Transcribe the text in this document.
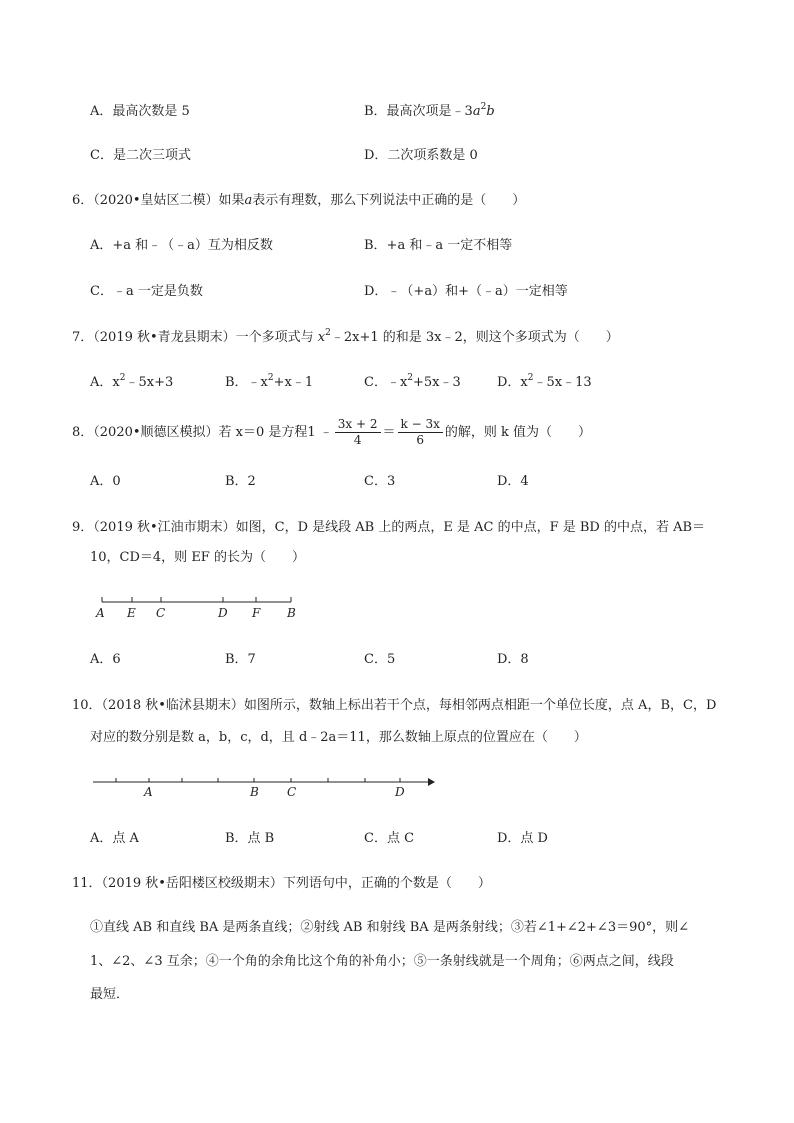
A．最高次数是 5	B．最高次项是$﹣3a^2b$
C．是二次三项式	D．二次项系数是 0
6．（2020•皇姑区二模）如果a表示有理数，那么下列说法中正确的是（　　）
A．+a 和﹣（﹣a）互为相反数	B．+a 和﹣a 一定不相等
C．﹣a 一定是负数	D．﹣（+a）和+（﹣a）一定相等
7．（2019 秋•青龙县期末）一个多项式与 $x^2﹣2x+1$ 的和是 3x﹣2，则这个多项式为（　　）
A．$x^2﹣5x+3$	B．$﹣x^2+x﹣1$	C．$﹣x^2+5x﹣3$	D．$x^2﹣5x﹣13$
8．（2020•顺德区模拟）若 x＝0 是方程1 ﹣ $\frac{3x + 2}{4} = \frac{k - 3x}{6}$ 的解，则 k 值为（　　）
A．0	B．2	C．3	D．4
9．（2019 秋•江油市期末）如图，C，D 是线段 AB 上的两点，E 是 AC 的中点，F 是 BD 的中点，若 AB＝
10，CD＝4，则 EF 的长为（　　）
A E C	D F B
A．6	B．7	C．5	D．8
10．（2018 秋•临沭县期末）如图所示，数轴上标出若干个点，每相邻两点相距一个单位长度，点 A，B，C，D
对应的数分别是数 a，b，c，d，且 d﹣2a＝11，那么数轴上原点的位置应在（　　）
A	B C	D
A．点 A	B．点 B	C．点 C	D．点 D
11．（2019 秋•岳阳楼区校级期末）下列语句中，正确的个数是（　　）
①直线 AB 和直线 BA 是两条直线；②射线 AB 和射线 BA 是两条射线；③若∠1+∠2+∠3＝90°，则∠
1、∠2、∠3 互余；④一个角的余角比这个角的补角小；⑤一条射线就是一个周角；⑥两点之间，线段
最短．
